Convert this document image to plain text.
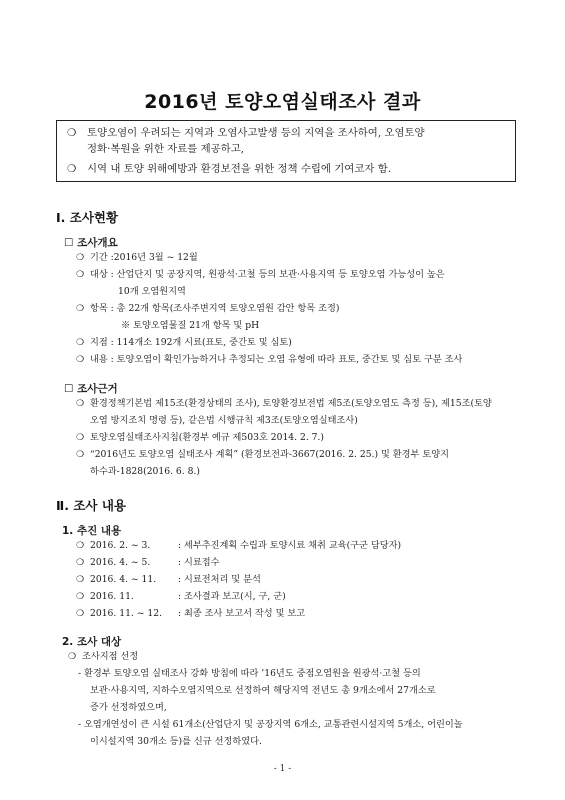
2016년 토양오염실태조사 결과
❍ 토양오염이 우려되는 지역과 오염사고발생 등의 지역을 조사하여, 오염토양
정화·복원을 위한 자료를 제공하고,
❍ 시역 내 토양 위해예방과 환경보전을 위한 정책 수립에 기여코자 함.
Ⅰ. 조사현황
☐ 조사개요
❍ 기간 :2016년 3월 ~ 12월
❍ 대상 : 산업단지 및 공장지역, 원광석·고철 등의 보관·사용지역 등 토양오염 가능성이 높은
10개 오염원지역
❍ 항목 : 총 22개 항목(조사주변지역 토양오염원 감안 항목 조정)
※ 토양오염물질 21개 항목 및 pH
❍ 지점 : 114개소 192개 시료(표토, 중간토 및 심토)
❍ 내용 : 토양오염이 확인가능하거나 추정되는 오염 유형에 따라 표토, 중간토 및 심토 구분 조사
☐ 조사근거
❍ 환경정책기본법 제15조(환경상태의 조사), 토양환경보전법 제5조(토양오염도 측정 등), 제15조(토양
오염 방지조치 명령 등), 같은법 시행규칙 제3조(토양오염실태조사)
❍ 토양오염실태조사지침(환경부 예규 제503호 2014. 2. 7.)
❍ “2016년도 토양오염 실태조사 계획” (환경보전과-3667(2016. 2. 25.) 및 환경부 토양지
하수과-1828(2016. 6. 8.)
Ⅱ. 조사 내용
1. 추진 내용
❍ 2016. 2. ~ 3.	: 세부추진계획 수립과 토양시료 채취 교육(구군 담당자)
❍ 2016. 4. ~ 5.	: 시료접수
❍ 2016. 4. ~ 11. : 시료전처리 및 분석
❍ 2016. 11.	: 조사결과 보고(시, 구, 군)
❍ 2016. 11. ~ 12. : 최종 조사 보고서 작성 및 보고
2. 조사 대상
❍ 조사지점 선정
- 환경부 토양오염 실태조사 강화 방침에 따라 ’16년도 중점오염원을 원광석·고철 등의
보관·사용지역, 지하수오염지역으로 선정하여 해당지역 전년도 총 9개소에서 27개소로
증가 선정하였으며,
- 오염개연성이 큰 시설 61개소(산업단지 및 공장지역 6개소, 교통관련시설지역 5개소, 어린이놀
이시설지역 30개소 등)를 신규 선정하였다.
- 1 -
